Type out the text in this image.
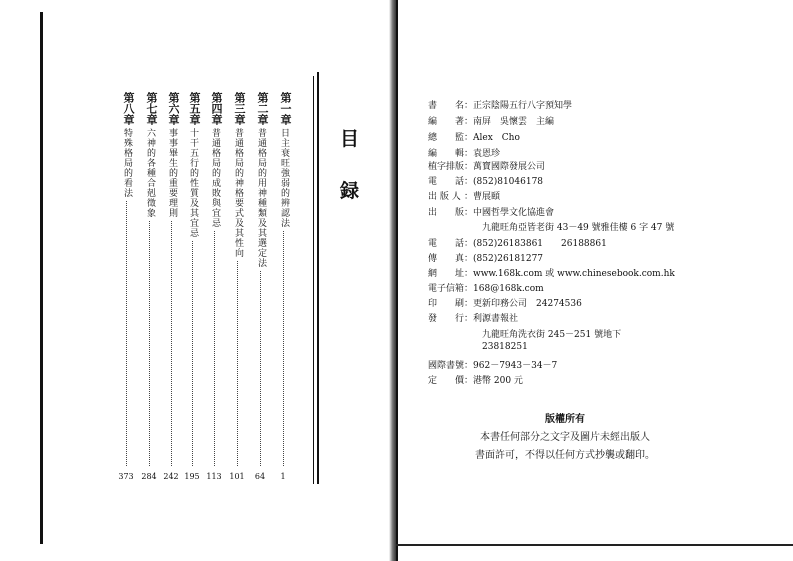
第一章
日主衰旺強弱的辨認法
1
第二章
普通格局的用神種類及其選定法
64
第三章
普通格局的神格要式及其性向
101
第四章
普通格局的成敗與宜忌
113
第五章
十干五行的性質及其宜忌
195
第六章
事事畢生的重要理則
242
第七章
六神的各種合剋徵象
284
第八章
特殊格局的看法
373
目
録
書　　名：正宗陰陽五行八字預知學
編　　著：南屏　吳懷雲　主編
總　　監：Alex　Cho
編　　輯：袁恩珍
植字排版：萬寶國際發展公司
電　　話：(852)81046178
出 版 人 ：曹展頤
出　　版：中國哲學文化協進會
九龍旺角亞皆老街 43－49 號雅佳樓 6 字 47 號
電　　話：(852)26183861　　26188861
傳　　真：(852)26181277
網　　址：www.168k.com 或 www.chinesebook.com.hk
電子信箱：168@168k.com
印　　刷：更新印務公司　24274536
發　　行：利源書報社
九龍旺角洗衣街 245－251 號地下
23818251
國際書號：962－7943－34－7
定　　價：港幣 200 元
版權所有
本書任何部分之文字及圖片未經出版人
書面許可，不得以任何方式抄襲或翻印。
